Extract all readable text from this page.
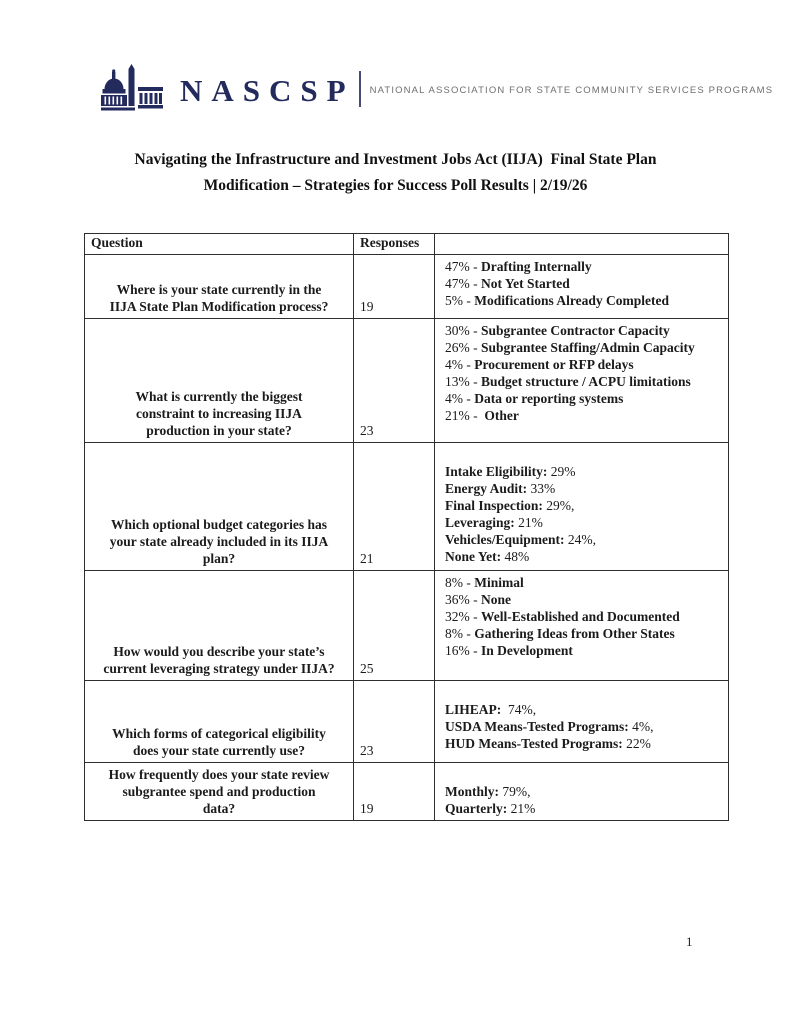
NASCSP NATIONAL ASSOCIATION FOR STATE COMMUNITY SERVICES PROGRAMS
Navigating the Infrastructure and Investment Jobs Act (IIJA)  Final State Plan
Modification – Strategies for Success Poll Results | 2/19/26
Question	Responses	

Where is your state currently in the
IIJA State Plan Modification process?	19	
47% - Drafting Internally
47% - Not Yet Started
5% - Modifications Already Completed

What is currently the biggest
constraint to increasing IIJA
production in your state?	23	
30% - Subgrantee Contractor Capacity
26% - Subgrantee Staffing/Admin Capacity
4% - Procurement or RFP delays
13% - Budget structure / ACPU limitations
4% - Data or reporting systems
21% -  Other

Which optional budget categories has
your state already included in its IIJA
plan?	21	

Intake Eligibility: 29%
Energy Audit: 33%
Final Inspection: 29%,
Leveraging: 21%
Vehicles/Equipment: 24%,
None Yet: 48%

How would you describe your state’s
current leveraging strategy under IIJA?	25	
8% - Minimal
36% - None
32% - Well-Established and Documented
8% - Gathering Ideas from Other States
16% - In Development

Which forms of categorical eligibility
does your state currently use?	23	

LIHEAP:  74%,
USDA Means-Tested Programs: 4%,
HUD Means-Tested Programs: 22%

How frequently does your state review
subgrantee spend and production
data?	19	

Monthly: 79%,
Quarterly: 21%
1
